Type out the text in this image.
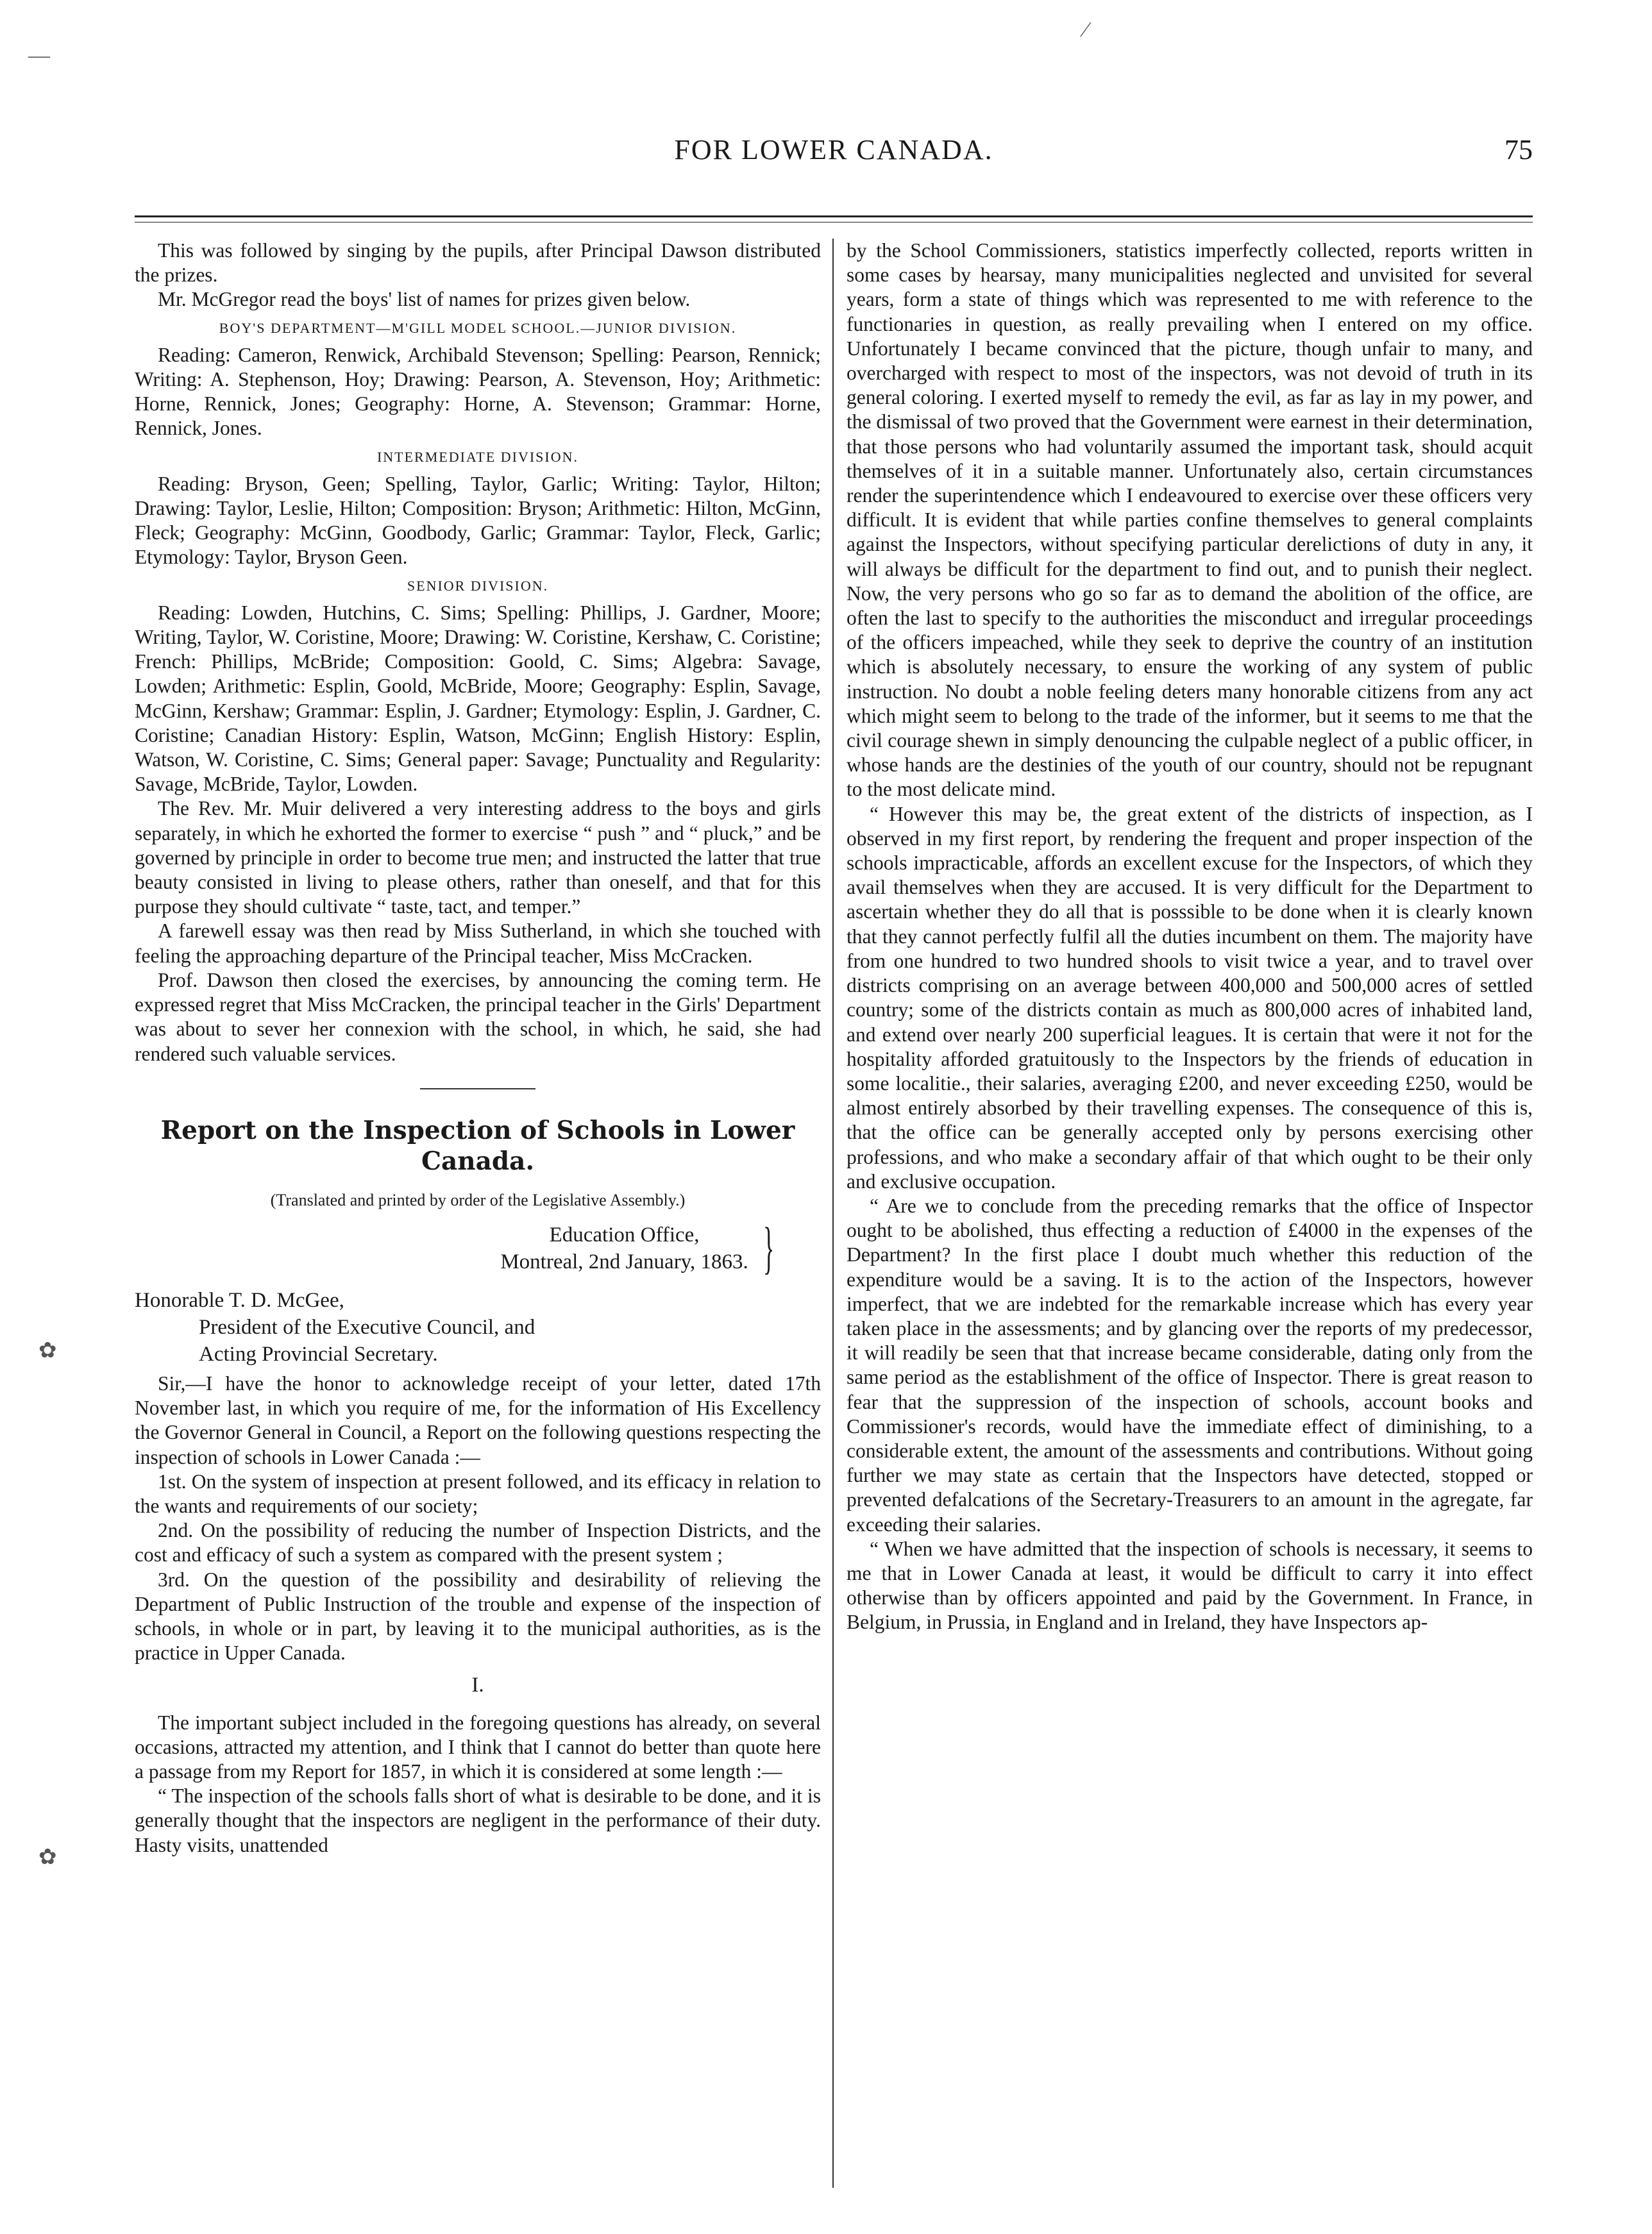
—
⁄
✿
✿
FOR LOWER CANADA.	75

This was followed by singing by the pupils, after Principal Dawson distributed the prizes.

Mr. McGregor read the boys' list of names for prizes given below.

BOY'S DEPARTMENT—M'GILL MODEL SCHOOL.—JUNIOR DIVISION.

Reading: Cameron, Renwick, Archibald Stevenson; Spelling: Pearson, Rennick; Writing: A. Stephenson, Hoy; Drawing: Pearson, A. Stevenson, Hoy; Arithmetic: Horne, Rennick, Jones; Geography: Horne, A. Stevenson; Grammar: Horne, Rennick, Jones.

INTERMEDIATE DIVISION.

Reading: Bryson, Geen; Spelling, Taylor, Garlic; Writing: Taylor, Hilton; Drawing: Taylor, Leslie, Hilton; Composition: Bryson; Arithmetic: Hilton, McGinn, Fleck; Geography: McGinn, Goodbody, Garlic; Grammar: Taylor, Fleck, Garlic; Etymology: Taylor, Bryson Geen.

SENIOR DIVISION.

Reading: Lowden, Hutchins, C. Sims; Spelling: Phillips, J. Gardner, Moore; Writing, Taylor, W. Coristine, Moore; Drawing: W. Coristine, Kershaw, C. Coristine; French: Phillips, McBride; Composition: Goold, C. Sims; Algebra: Savage, Lowden; Arithmetic: Esplin, Goold, McBride, Moore; Geography: Esplin, Savage, McGinn, Kershaw; Grammar: Esplin, J. Gardner; Etymology: Esplin, J. Gardner, C. Coristine; Canadian History: Esplin, Watson, McGinn; English History: Esplin, Watson, W. Coristine, C. Sims; General paper: Savage; Punctuality and Regularity: Savage, McBride, Taylor, Lowden.

The Rev. Mr. Muir delivered a very interesting address to the boys and girls separately, in which he exhorted the former to exercise “ push ” and “ pluck,” and be governed by principle in order to become true men; and instructed the latter that true beauty consisted in living to please others, rather than oneself, and that for this purpose they should cultivate “ taste, tact, and temper.”

A farewell essay was then read by Miss Sutherland, in which she touched with feeling the approaching departure of the Principal teacher, Miss McCracken.

Prof. Dawson then closed the exercises, by announcing the coming term. He expressed regret that Miss McCracken, the principal teacher in the Girls' Department was about to sever her connexion with the school, in which, he said, she had rendered such valuable services.

Report on the Inspection of Schools in Lower Canada.
(Translated and printed by order of the Legislative Assembly.)
Education Office,
Montreal, 2nd January, 1863. }
Honorable T. D. McGee,
President of the Executive Council, and
Acting Provincial Secretary.

Sir,—I have the honor to acknowledge receipt of your letter, dated 17th November last, in which you require of me, for the information of His Excellency the Governor General in Council, a Report on the following questions respecting the inspection of schools in Lower Canada :—

1st. On the system of inspection at present followed, and its efficacy in relation to the wants and requirements of our society;

2nd. On the possibility of reducing the number of Inspection Districts, and the cost and efficacy of such a system as compared with the present system ;

3rd. On the question of the possibility and desirability of relieving the Department of Public Instruction of the trouble and expense of the inspection of schools, in whole or in part, by leaving it to the municipal authorities, as is the practice in Upper Canada.

I.

The important subject included in the foregoing questions has already, on several occasions, attracted my attention, and I think that I cannot do better than quote here a passage from my Report for 1857, in which it is considered at some length :—

“ The inspection of the schools falls short of what is desirable to be done, and it is generally thought that the inspectors are negligent in the performance of their duty. Hasty visits, unattended

by the School Commissioners, statistics imperfectly collected, reports written in some cases by hearsay, many municipalities neglected and unvisited for several years, form a state of things which was represented to me with reference to the functionaries in question, as really prevailing when I entered on my office. Unfortunately I became convinced that the picture, though unfair to many, and overcharged with respect to most of the inspectors, was not devoid of truth in its general coloring. I exerted myself to remedy the evil, as far as lay in my power, and the dismissal of two proved that the Government were earnest in their determination, that those persons who had voluntarily assumed the important task, should acquit themselves of it in a suitable manner. Unfortunately also, certain circumstances render the superintendence which I endeavoured to exercise over these officers very difficult. It is evident that while parties confine themselves to general complaints against the Inspectors, without specifying particular derelictions of duty in any, it will always be difficult for the department to find out, and to punish their neglect. Now, the very persons who go so far as to demand the abolition of the office, are often the last to specify to the authorities the misconduct and irregular proceedings of the officers impeached, while they seek to deprive the country of an institution which is absolutely necessary, to ensure the working of any system of public instruction. No doubt a noble feeling deters many honorable citizens from any act which might seem to belong to the trade of the informer, but it seems to me that the civil courage shewn in simply denouncing the culpable neglect of a public officer, in whose hands are the destinies of the youth of our country, should not be repugnant to the most delicate mind.

“ However this may be, the great extent of the districts of inspection, as I observed in my first report, by rendering the frequent and proper inspection of the schools impracticable, affords an excellent excuse for the Inspectors, of which they avail themselves when they are accused. It is very difficult for the Department to ascertain whether they do all that is posssible to be done when it is clearly known that they cannot perfectly fulfil all the duties incumbent on them. The majority have from one hundred to two hundred shools to visit twice a year, and to travel over districts comprising on an average between 400,000 and 500,000 acres of settled country; some of the districts contain as much as 800,000 acres of inhabited land, and extend over nearly 200 superficial leagues. It is certain that were it not for the hospitality afforded gratuitously to the Inspectors by the friends of education in some localitie., their salaries, averaging £200, and never exceeding £250, would be almost entirely absorbed by their travelling expenses. The consequence of this is, that the office can be generally accepted only by persons exercising other professions, and who make a secondary affair of that which ought to be their only and exclusive occupation.

“ Are we to conclude from the preceding remarks that the office of Inspector ought to be abolished, thus effecting a reduction of £4000 in the expenses of the Department? In the first place I doubt much whether this reduction of the expenditure would be a saving. It is to the action of the Inspectors, however imperfect, that we are indebted for the remarkable increase which has every year taken place in the assessments; and by glancing over the reports of my predecessor, it will readily be seen that that increase became considerable, dating only from the same period as the establishment of the office of Inspector. There is great reason to fear that the suppression of the inspection of schools, account books and Commissioner's records, would have the immediate effect of diminishing, to a considerable extent, the amount of the assessments and contributions. Without going further we may state as certain that the Inspectors have detected, stopped or prevented defalcations of the Secretary-Treasurers to an amount in the agregate, far exceeding their salaries.

“ When we have admitted that the inspection of schools is necessary, it seems to me that in Lower Canada at least, it would be difficult to carry it into effect otherwise than by officers appointed and paid by the Government. In France, in Belgium, in Prussia, in England and in Ireland, they have Inspectors ap-
